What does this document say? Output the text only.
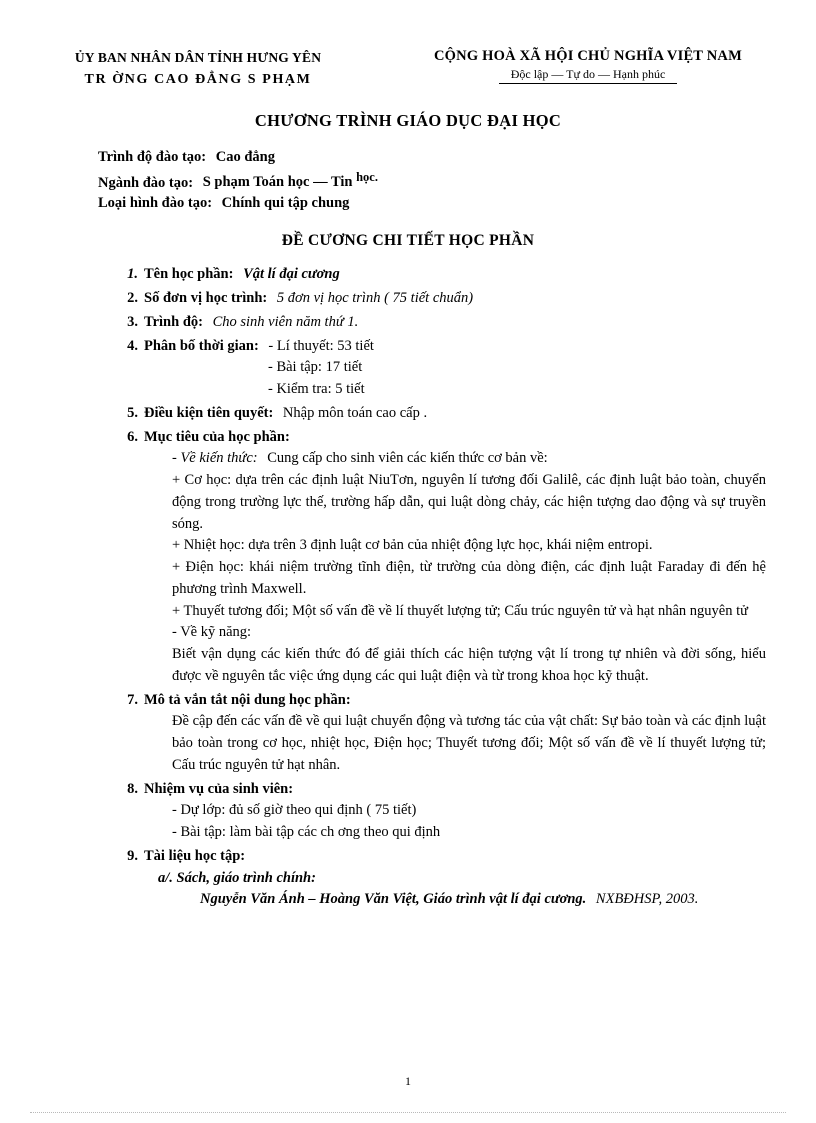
ỦY BAN NHÂN DÂN TỈNH HƯNG YÊN
TR ỜNG CAO ĐẲNG S PHẠM
CỘNG HOÀ XÃ HỘI CHỦ NGHĨA VIỆT NAM
Độc lập — Tự do — Hạnh phúc
CHƯƠNG TRÌNH GIÁO DỤC ĐẠI HỌC
Trình độ đào tạo: Cao đẳng
Ngành đào tạo: S phạm Toán học — Tin học.
Loại hình đào tạo: Chính qui tập chung
ĐỀ CƯƠNG CHI TIẾT HỌC PHẦN
1. Tên học phần: Vật lí đại cương
2. Số đơn vị học trình: 5 đơn vị học trình ( 75 tiết chuẩn)
3. Trình độ: Cho sinh viên năm thứ 1.
4. Phân bố thời gian: - Lí thuyết: 53 tiết
- Bài tập: 17 tiết
- Kiểm tra: 5 tiết
5. Điều kiện tiên quyết: Nhập môn toán cao cấp .
6. Mục tiêu của học phần:
- Về kiến thức: Cung cấp cho sinh viên các kiến thức cơ bản về:
+ Cơ học: dựa trên các định luật NiuTơn, nguyên lí tương đối Galilê, các định luật bảo toàn, chuyển động trong trường lực thế, trường hấp dẫn, qui luật dòng chảy, các hiện tượng dao động và sự truyền sóng.
+ Nhiệt học: dựa trên 3 định luật cơ bản của nhiệt động lực học, khái niệm entropi.
+ Điện học: khái niệm trường tĩnh điện, từ trường của dòng điện, các định luật Faraday đi đến hệ phương trình Maxwell.
+ Thuyết tương đối; Một số vấn đề về lí thuyết lượng tử; Cấu trúc nguyên tử và hạt nhân nguyên tử
- Về kỹ năng:
Biết vận dụng các kiến thức đó để giải thích các hiện tượng vật lí trong tự nhiên và đời sống, hiểu được về nguyên tắc việc ứng dụng các qui luật điện và từ trong khoa học kỹ thuật.
7. Mô tả vắn tắt nội dung học phần:
Đề cập đến các vấn đề về qui luật chuyển động và tương tác của vật chất: Sự bảo toàn và các định luật bảo toàn trong cơ học, nhiệt học, Điện học; Thuyết tương đối; Một số vấn đề về lí thuyết lượng tử; Cấu trúc nguyên tử hạt nhân.
8. Nhiệm vụ của sinh viên:
- Dự lớp: đủ số giờ theo qui định ( 75 tiết)
- Bài tập: làm bài tập các ch ơng theo qui định
9. Tài liệu học tập:
a/. Sách, giáo trình chính:
Nguyễn Văn Ánh – Hoàng Văn Việt, Giáo trình vật lí đại cương. NXBĐHSP, 2003.
1
